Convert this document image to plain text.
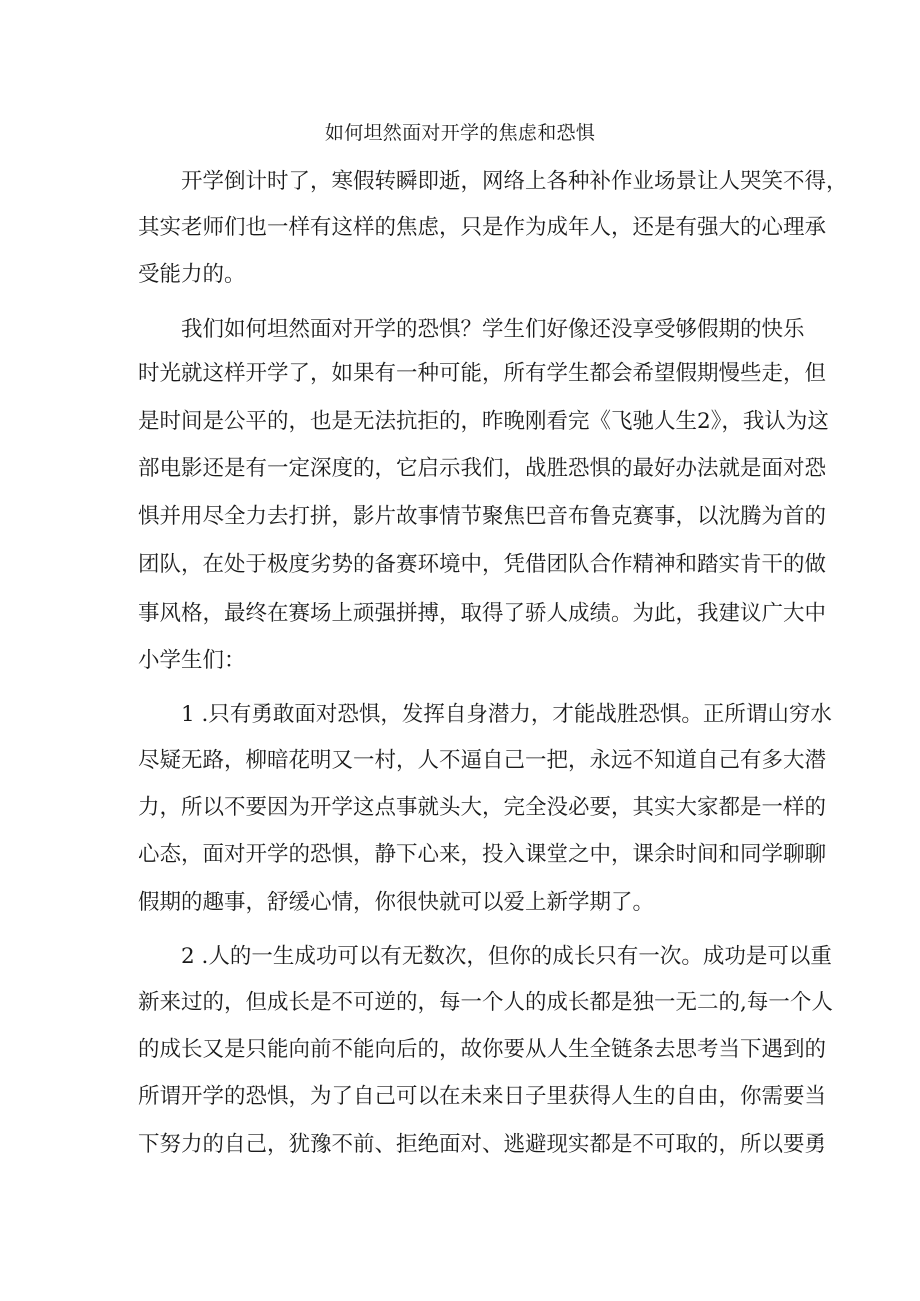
如何坦然面对开学的焦虑和恐惧
开学倒计时了，寒假转瞬即逝，网络上各种补作业场景让人哭笑不得，
其实老师们也一样有这样的焦虑，只是作为成年人，还是有强大的心理承
受能力的。
我们如何坦然面对开学的恐惧？学生们好像还没享受够假期的快乐
时光就这样开学了，如果有一种可能，所有学生都会希望假期慢些走，但
是时间是公平的，也是无法抗拒的，昨晚刚看完《飞驰人生2》，我认为这
部电影还是有一定深度的，它启示我们，战胜恐惧的最好办法就是面对恐
惧并用尽全力去打拼，影片故事情节聚焦巴音布鲁克赛事，以沈腾为首的
团队，在处于极度劣势的备赛环境中，凭借团队合作精神和踏实肯干的做
事风格，最终在赛场上顽强拼搏，取得了骄人成绩。为此，我建议广大中
小学生们：
1 .只有勇敢面对恐惧，发挥自身潜力，才能战胜恐惧。正所谓山穷水
尽疑无路，柳暗花明又一村，人不逼自己一把，永远不知道自己有多大潜
力，所以不要因为开学这点事就头大，完全没必要，其实大家都是一样的
心态，面对开学的恐惧，静下心来，投入课堂之中，课余时间和同学聊聊
假期的趣事，舒缓心情，你很快就可以爱上新学期了。
2 .人的一生成功可以有无数次，但你的成长只有一次。成功是可以重
新来过的，但成长是不可逆的，每一个人的成长都是独一无二的,每一个人
的成长又是只能向前不能向后的，故你要从人生全链条去思考当下遇到的
所谓开学的恐惧，为了自己可以在未来日子里获得人生的自由，你需要当
下努力的自己，犹豫不前、拒绝面对、逃避现实都是不可取的，所以要勇
